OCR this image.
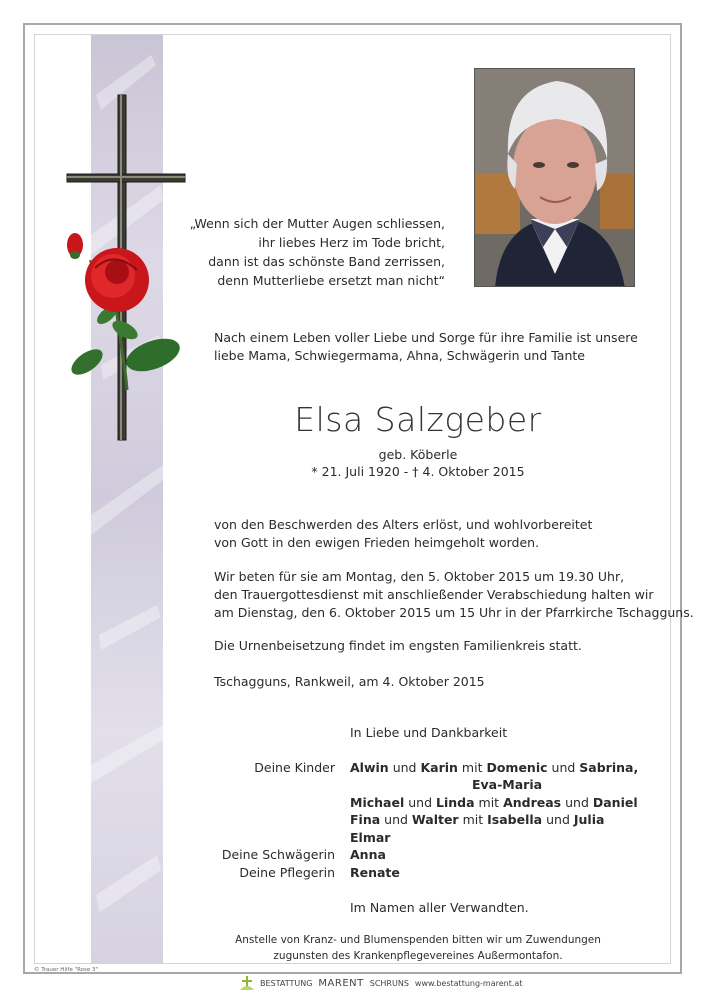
„Wenn sich der Mutter Augen schliessen,
ihr liebes Herz im Tode bricht,
dann ist das schönste Band zerrissen,
denn Mutterliebe ersetzt man nicht“
Nach einem Leben voller Liebe und Sorge für ihre Familie ist unsere
liebe Mama, Schwiegermama, Ahna, Schwägerin und Tante
Elsa Salzgeber
geb. Köberle
* 21. Juli 1920 - † 4. Oktober 2015
von den Beschwerden des Alters erlöst, und wohlvorbereitet
von Gott in den ewigen Frieden heimgeholt worden.
Wir beten für sie am Montag, den 5. Oktober 2015 um 19.30 Uhr,
den Trauergottesdienst mit anschließender Verabschiedung halten wir
am Dienstag, den 6. Oktober 2015 um 15 Uhr in der Pfarrkirche Tschagguns.
Die Urnenbeisetzung findet im engsten Familienkreis statt.
Tschagguns, Rankweil, am 4. Oktober 2015
In Liebe und Dankbarkeit
Deine Kinder Alwin und Karin mit Domenic und Sabrina,
Eva-Maria
Michael und Linda mit Andreas und Daniel
Fina und Walter mit Isabella und Julia
Elmar
Deine Schwägerin Anna
Deine Pflegerin Renate
Im Namen aller Verwandten.
Anstelle von Kranz- und Blumenspenden bitten wir um Zuwendungen
zugunsten des Krankenpflegevereines Außermontafon.
© Trauer Hilfe "Rose 3"
BESTATTUNG MARENT SCHRUNS www.bestattung-marent.at
